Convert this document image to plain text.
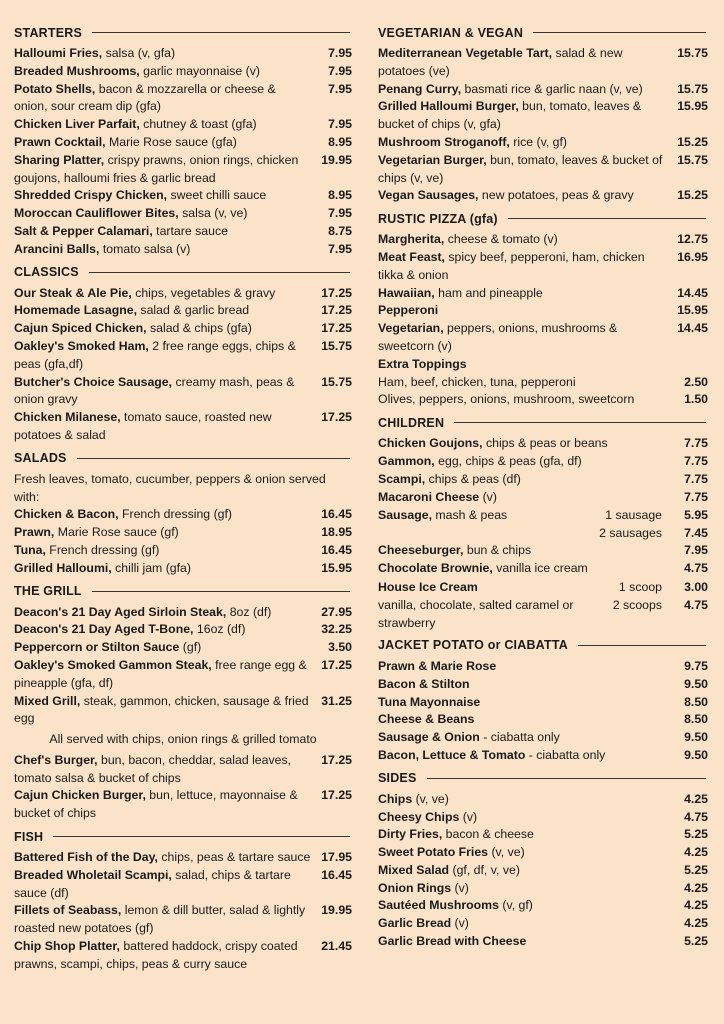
STARTERS
Halloumi Fries, salsa (v, gfa)	7.95
Breaded Mushrooms, garlic mayonnaise (v)	7.95
Potato Shells, bacon & mozzarella or cheese & onion, sour cream dip (gfa)
7.95
Chicken Liver Parfait, chutney & toast (gfa)	7.95
Prawn Cocktail, Marie Rose sauce (gfa)	8.95
Sharing Platter, crispy prawns, onion rings, chicken goujons, halloumi fries & garlic bread
19.95
Shredded Crispy Chicken, sweet chilli sauce	8.95
Moroccan Cauliflower Bites, salsa (v, ve)	7.95
Salt & Pepper Calamari, tartare sauce	8.75
Arancini Balls, tomato salsa (v)	7.95
CLASSICS
Our Steak & Ale Pie, chips, vegetables & gravy	17.25
Homemade Lasagne, salad & garlic bread	17.25
Cajun Spiced Chicken, salad & chips (gfa)	17.25
Oakley's Smoked Ham, 2 free range eggs, chips & peas (gfa,df)
15.75
Butcher's Choice Sausage, creamy mash, peas & onion gravy
15.75
Chicken Milanese, tomato sauce, roasted new potatoes & salad
17.25
SALADS
Fresh leaves, tomato, cucumber, peppers & onion served with:
Chicken & Bacon, French dressing (gf)	16.45
Prawn, Marie Rose sauce (gf)	18.95
Tuna, French dressing (gf)	16.45
Grilled Halloumi, chilli jam (gfa)	15.95
THE GRILL
Deacon's 21 Day Aged Sirloin Steak, 8oz (df)	27.95
Deacon's 21 Day Aged T-Bone, 16oz (df)	32.25
Peppercorn or Stilton Sauce (gf)	3.50
Oakley's Smoked Gammon Steak, free range egg & pineapple (gfa, df)
17.25
Mixed Grill, steak, gammon, chicken, sausage & fried egg
31.25
All served with chips, onion rings & grilled tomato
Chef's Burger, bun, bacon, cheddar, salad leaves, tomato salsa & bucket of chips
17.25
Cajun Chicken Burger, bun, lettuce, mayonnaise & bucket of chips
17.25
FISH
Battered Fish of the Day, chips, peas & tartare sauce 17.95
Breaded Wholetail Scampi, salad, chips & tartare sauce (df)
16.45
Fillets of Seabass, lemon & dill butter, salad & lightly roasted new potatoes (gf)
19.95
Chip Shop Platter, battered haddock, crispy coated prawns, scampi, chips, peas & curry sauce
21.45
VEGETARIAN & VEGAN
Mediterranean Vegetable Tart, salad & new potatoes (ve)
15.75
Penang Curry, basmati rice & garlic naan (v, ve)	15.75
Grilled Halloumi Burger, bun, tomato, leaves & bucket of chips (v, gfa)
15.95
Mushroom Stroganoff, rice (v, gf)	15.25
Vegetarian Burger, bun, tomato, leaves & bucket of chips (v, ve)
15.75
Vegan Sausages, new potatoes, peas & gravy	15.25
RUSTIC PIZZA (gfa)
Margherita, cheese & tomato (v)	12.75
Meat Feast, spicy beef, pepperoni, ham, chicken tikka & onion
16.95
Hawaiian, ham and pineapple	14.45
Pepperoni	15.95
Vegetarian, peppers, onions, mushrooms & sweetcorn (v)
14.45
Extra Toppings
Ham, beef, chicken, tuna, pepperoni	2.50
Olives, peppers, onions, mushroom, sweetcorn	1.50
CHILDREN
Chicken Goujons, chips & peas or beans	7.75
Gammon, egg, chips & peas (gfa, df)	7.75
Scampi, chips & peas (df)	7.75
Macaroni Cheese (v)	7.75
Sausage, mash & peas	1 sausage	5.95
2 sausages	7.45
Cheeseburger, bun & chips	7.95
Chocolate Brownie, vanilla ice cream	4.75
House Ice Cream
vanilla, chocolate, salted caramel or strawberry
1 scoop	3.00
2 scoops	4.75
JACKET POTATO or CIABATTA
Prawn & Marie Rose	9.75
Bacon & Stilton	9.50
Tuna Mayonnaise	8.50
Cheese & Beans	8.50
Sausage & Onion - ciabatta only	9.50
Bacon, Lettuce & Tomato - ciabatta only	9.50
SIDES
Chips (v, ve)	4.25
Cheesy Chips (v)	4.75
Dirty Fries, bacon & cheese	5.25
Sweet Potato Fries (v, ve)	4.25
Mixed Salad (gf, df, v, ve)	5.25
Onion Rings (v)	4.25
Sautéed Mushrooms (v, gf)	4.25
Garlic Bread (v)	4.25
Garlic Bread with Cheese	5.25
